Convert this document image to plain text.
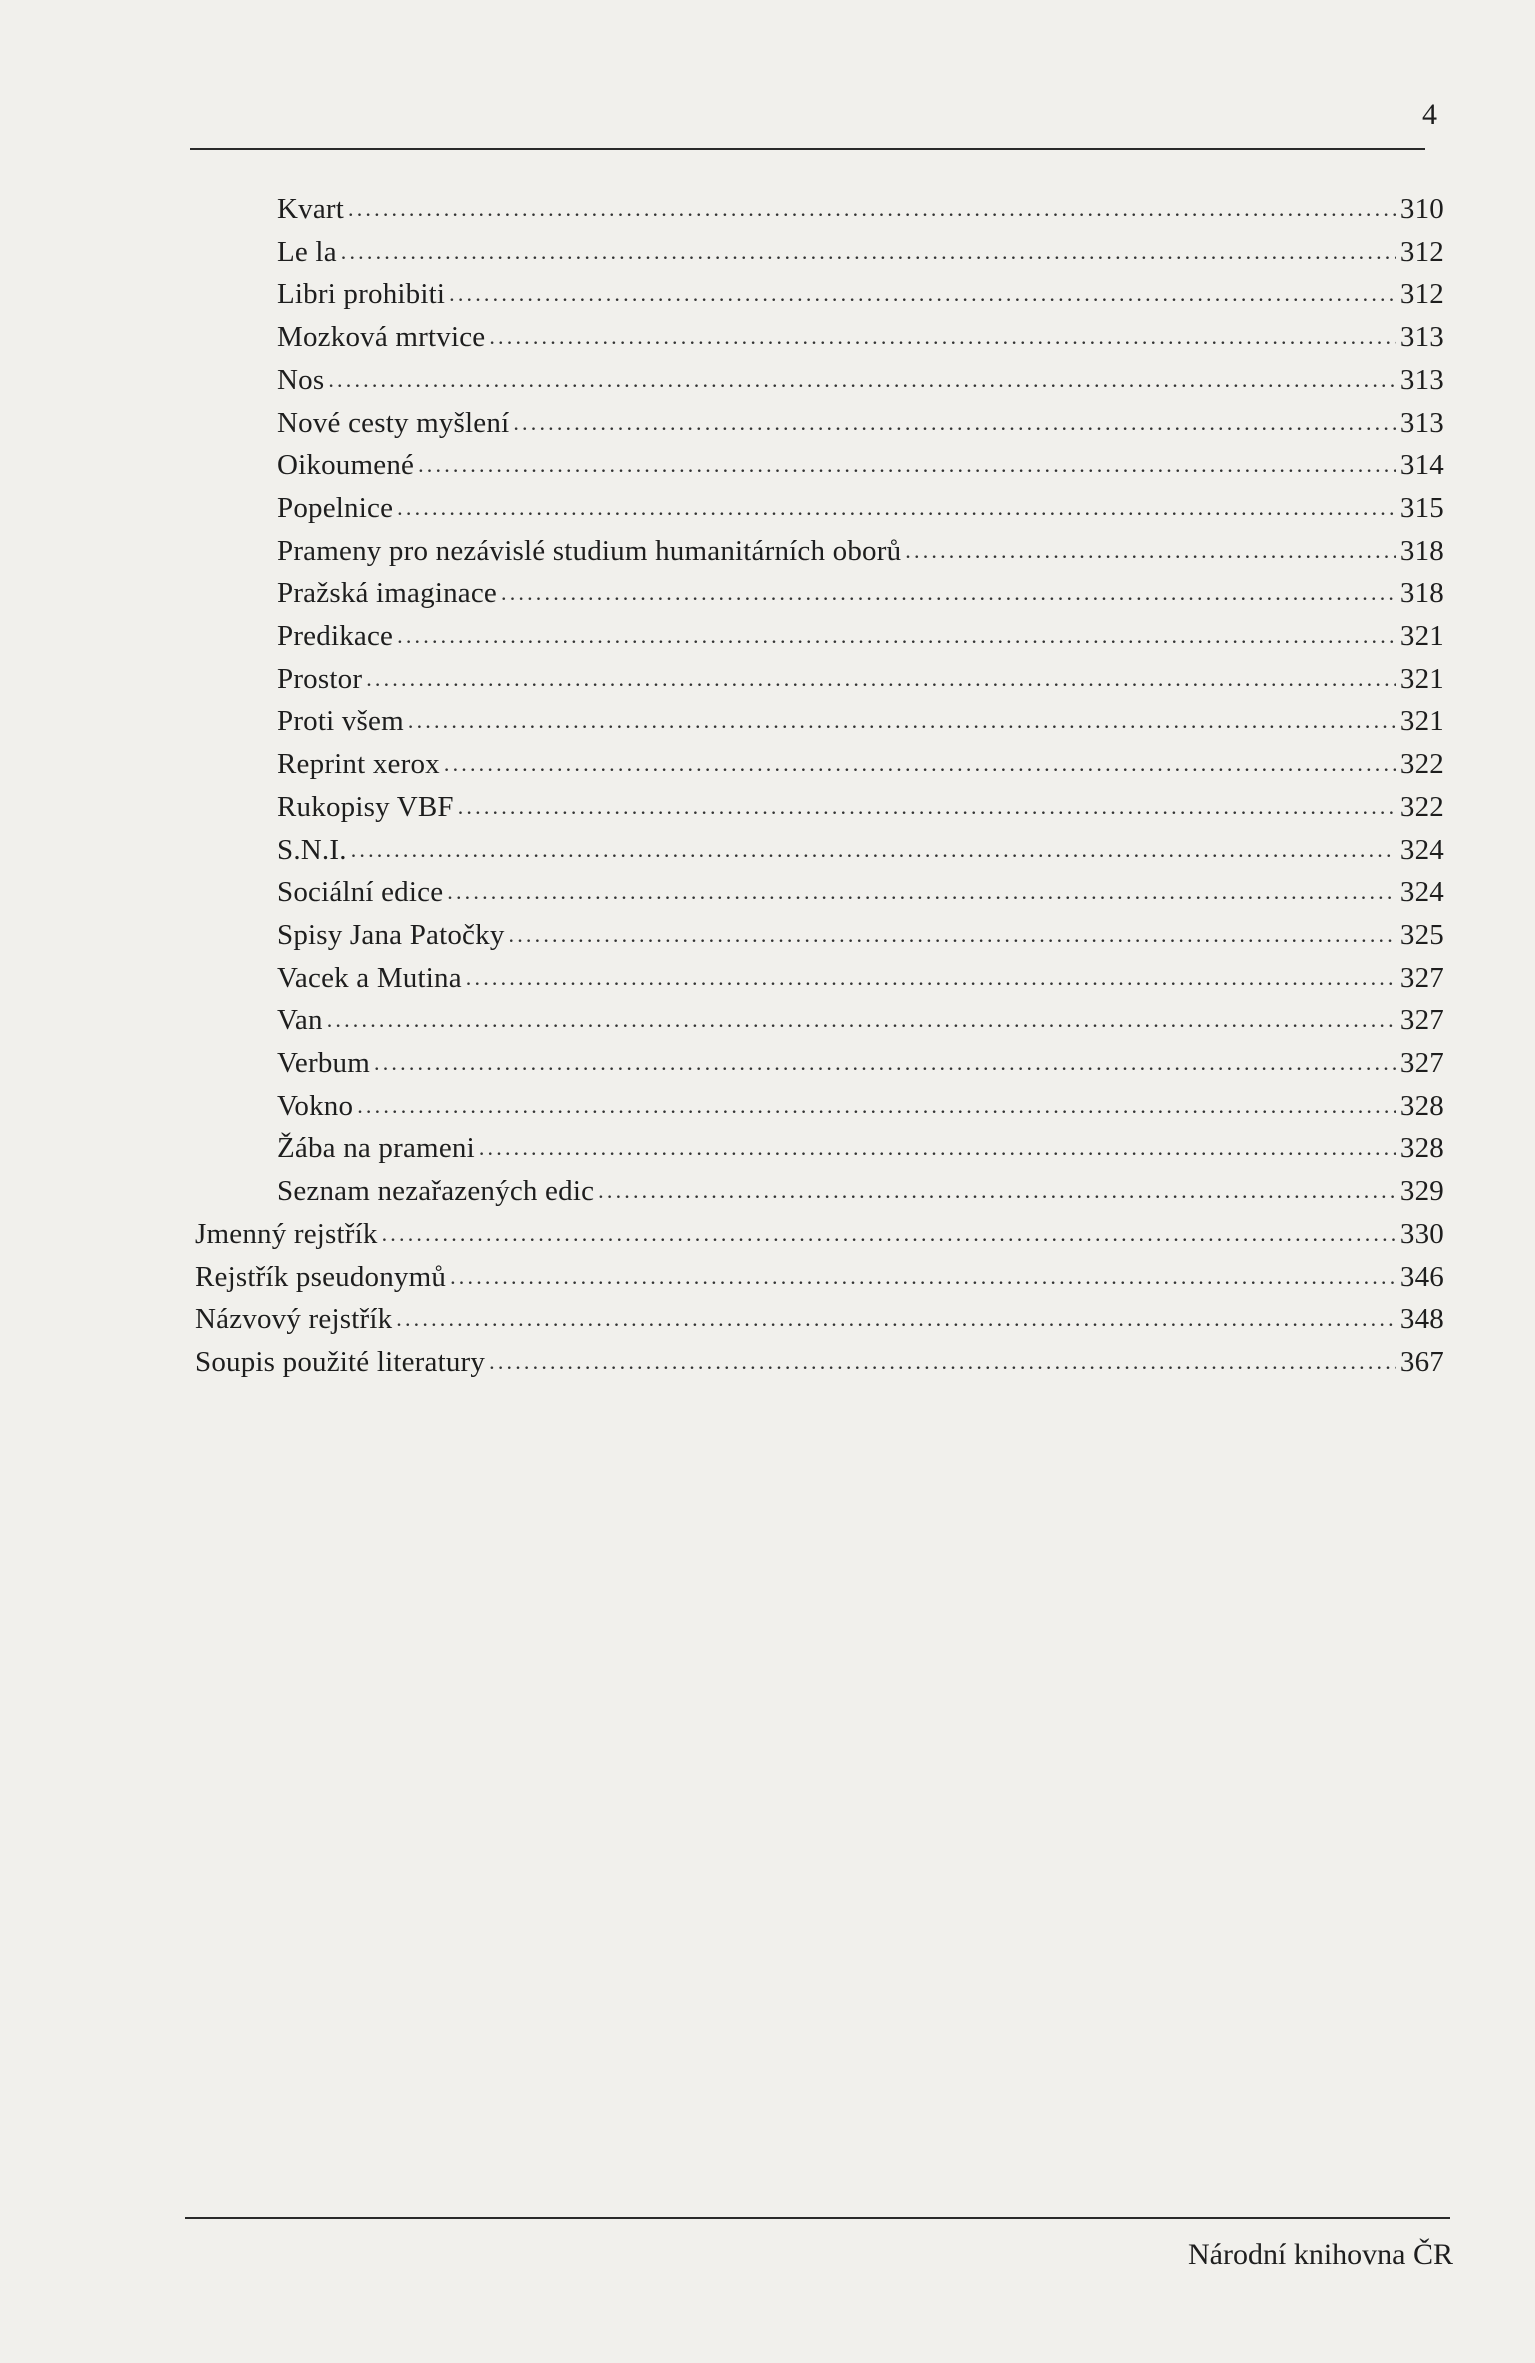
4
Kvart .....	310
Le la .....	312
Libri prohibiti .....	312
Mozková mrtvice .....	313
Nos .....	313
Nové cesty myšlení .....	313
Oikoumené .....	314
Popelnice .....	315
Prameny pro nezávislé studium humanitárních oborů .....	318
Pražská imaginace .....	318
Predikace .....	321
Prostor .....	321
Proti všem .....	321
Reprint xerox .....	322
Rukopisy VBF .....	322
S.N.I. .....	324
Sociální edice .....	324
Spisy Jana Patočky .....	325
Vacek a Mutina .....	327
Van .....	327
Verbum .....	327
Vokno .....	328
Žába na prameni .....	328
Seznam nezařazených edic .....	329
Jmenný rejstřík .....	330
Rejstřík pseudonymů .....	346
Názvový rejstřík .....	348
Soupis použité literatury .....	367
Národní knihovna ČR
